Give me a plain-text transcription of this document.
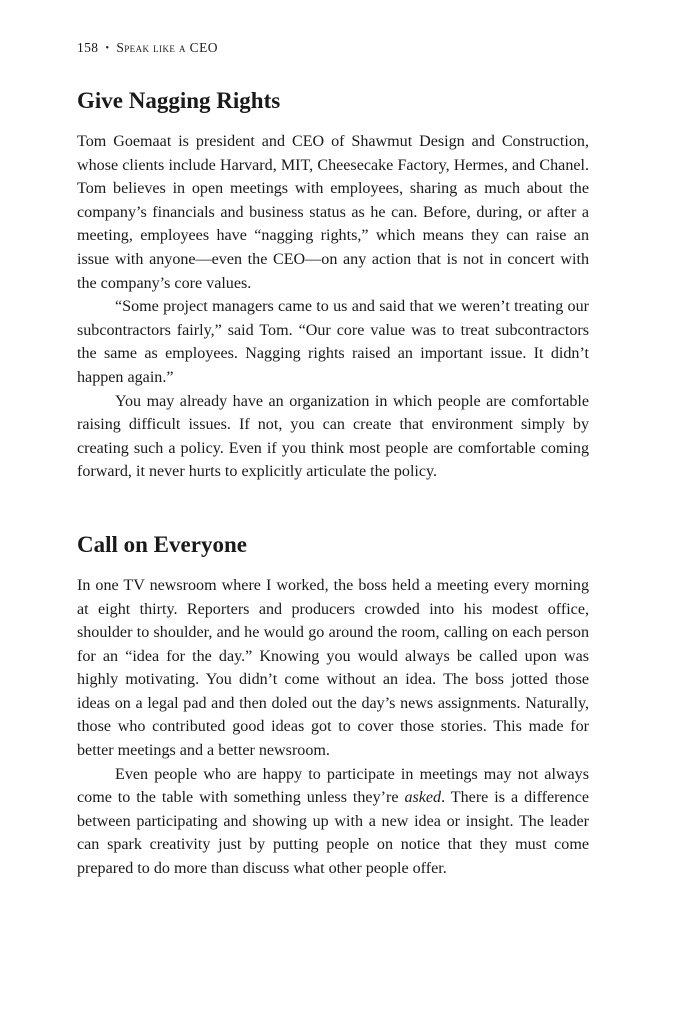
158 • Speak like a CEO
Give Nagging Rights

Tom Goemaat is president and CEO of Shawmut Design and Construction, whose clients include Harvard, MIT, Cheesecake Factory, Hermes, and Chanel. Tom believes in open meetings with employees, sharing as much about the company’s financials and business status as he can. Before, during, or after a meeting, employees have “nagging rights,” which means they can raise an issue with anyone—even the CEO—on any action that is not in concert with the company’s core values.

“Some project managers came to us and said that we weren’t treating our subcontractors fairly,” said Tom. “Our core value was to treat subcontractors the same as employees. Nagging rights raised an important issue. It didn’t happen again.”

You may already have an organization in which people are comfortable raising difficult issues. If not, you can create that environment simply by creating such a policy. Even if you think most people are comfortable coming forward, it never hurts to explicitly articulate the policy.

Call on Everyone

In one TV newsroom where I worked, the boss held a meeting every morning at eight thirty. Reporters and producers crowded into his modest office, shoulder to shoulder, and he would go around the room, calling on each person for an “idea for the day.” Knowing you would always be called upon was highly motivating. You didn’t come without an idea. The boss jotted those ideas on a legal pad and then doled out the day’s news assignments. Naturally, those who contributed good ideas got to cover those stories. This made for better meetings and a better newsroom.

Even people who are happy to participate in meetings may not always come to the table with something unless they’re asked. There is a difference between participating and showing up with a new idea or insight. The leader can spark creativity just by putting people on notice that they must come prepared to do more than discuss what other people offer.
